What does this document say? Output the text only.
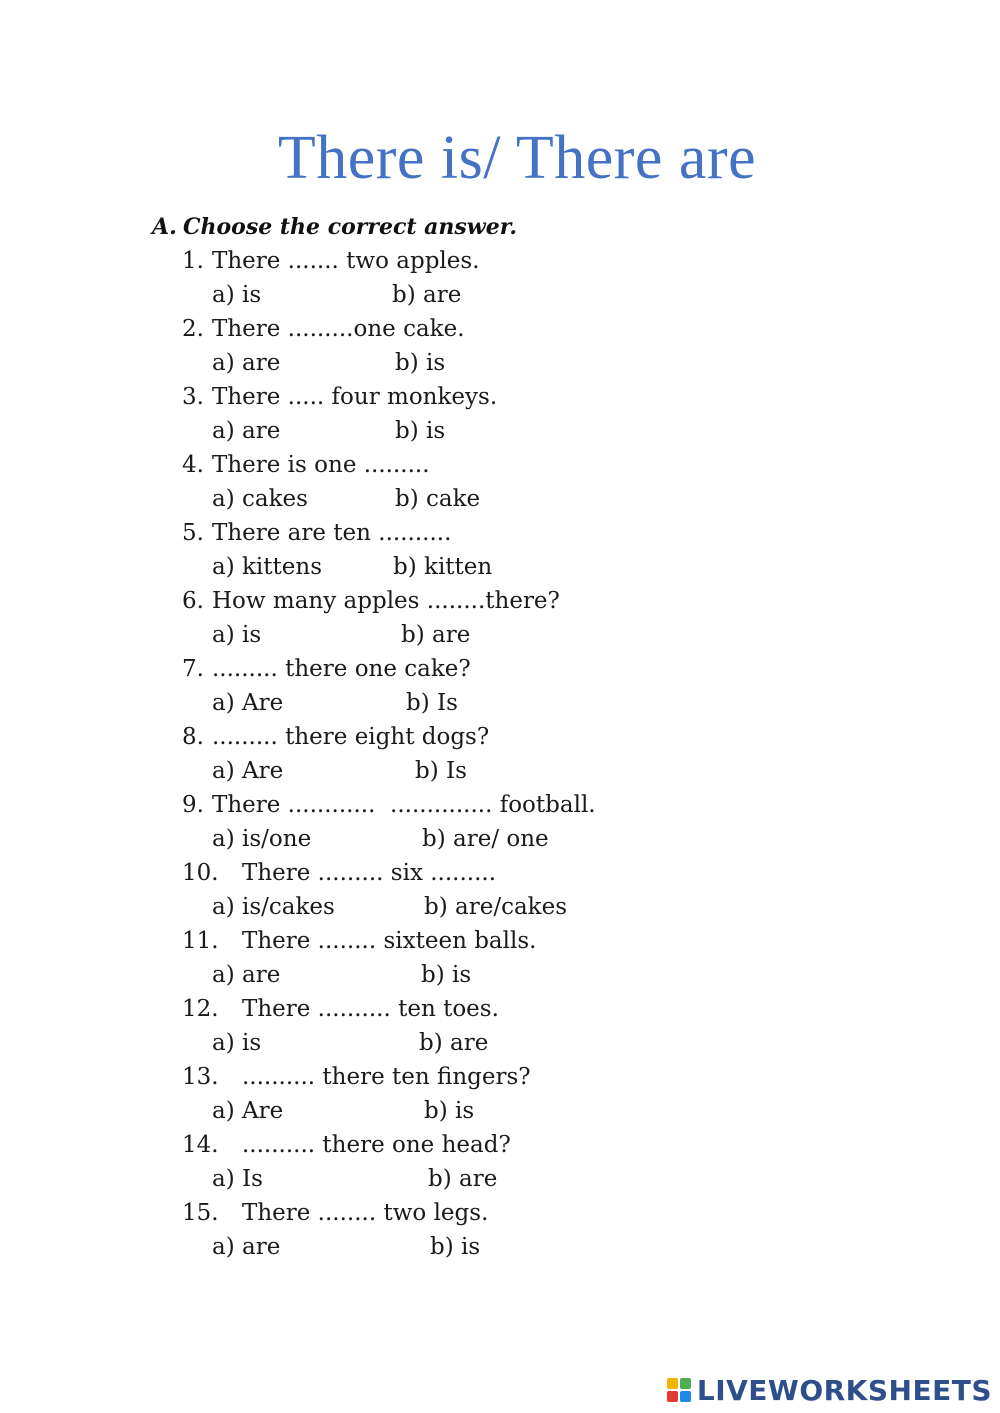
There is/ There are
A. Choose the correct answer.
1. There ....... two apples.
a) is	b) are
2. There .........one cake.
a) are	b) is
3. There ..... four monkeys.
a) are	b) is
4. There is one .........
a) cakes	b) cake
5. There are ten ..........
a) kittens	b) kitten
6. How many apples ........there?
a) is	b) are
7. ......... there one cake?
a) Are	b) Is
8. ......... there eight dogs?
a) Are	b) Is
9. There ............  .............. football.
a) is/one	b) are/ one
10. There ......... six .........
a) is/cakes	b) are/cakes
11. There ........ sixteen balls.
a) are	b) is
12. There .......... ten toes.
a) is	b) are
13. .......... there ten fingers?
a) Are	b) is
14. .......... there one head?
a) Is	b) are
15. There ........ two legs.
a) are	b) is
LIVEWORKSHEETS
